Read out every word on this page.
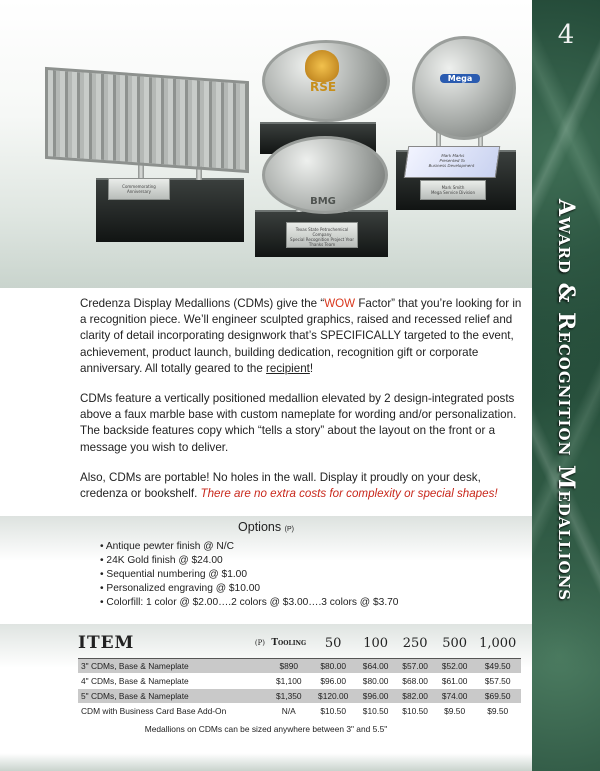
Commemorating
Anniversary
RSE
BMG
Texas State Petrochemical Company
Special Recognition Project Year
Thanks Team
Mega
Mark Marks
Presented To
Business Development
Mark Smith
Mega Service Division
4
Award & Recognition Medallions

Credenza Display Medallions (CDMs) give the “WOW Factor” that you’re looking for in a recognition piece. We’ll engineer sculpted graphics, raised and recessed relief and clarity of detail incorporating designwork that’s SPECIFICALLY targeted to the event, achievement, product launch, building dedication, recognition gift or corporate anniversary. All totally geared to the recipient!

CDMs feature a vertically positioned medallion elevated by 2 design-integrated posts above a faux marble base with custom nameplate for wording and/or personalization. The backside features copy which “tells a story” about the layout on the front or a message you wish to deliver.

Also, CDMs are portable! No holes in the wall. Display it proudly on your desk, credenza or bookshelf. There are no extra costs for complexity or special shapes!

Options (P)
• Antique pewter finish @ N/C
• 24K Gold finish @ $24.00
• Sequential numbering @ $1.00
• Personalized engraving @ $10.00
• Colorfill: 1 color @ $2.00….2 colors @ $3.00….3 colors @ $3.70
ITEM	(P)	Tooling	50	100	250	500	1,000
3" CDMs, Base & Nameplate		$890	$80.00	$64.00	$57.00	$52.00	$49.50
4" CDMs, Base & Nameplate		$1,100	$96.00	$80.00	$68.00	$61.00	$57.50
5" CDMs, Base & Nameplate		$1,350	$120.00	$96.00	$82.00	$74.00	$69.50
CDM with Business Card Base Add-On		N/A	$10.50	$10.50	$10.50	$9.50	$9.50
Medallions on CDMs can be sized anywhere between 3" and 5.5"
